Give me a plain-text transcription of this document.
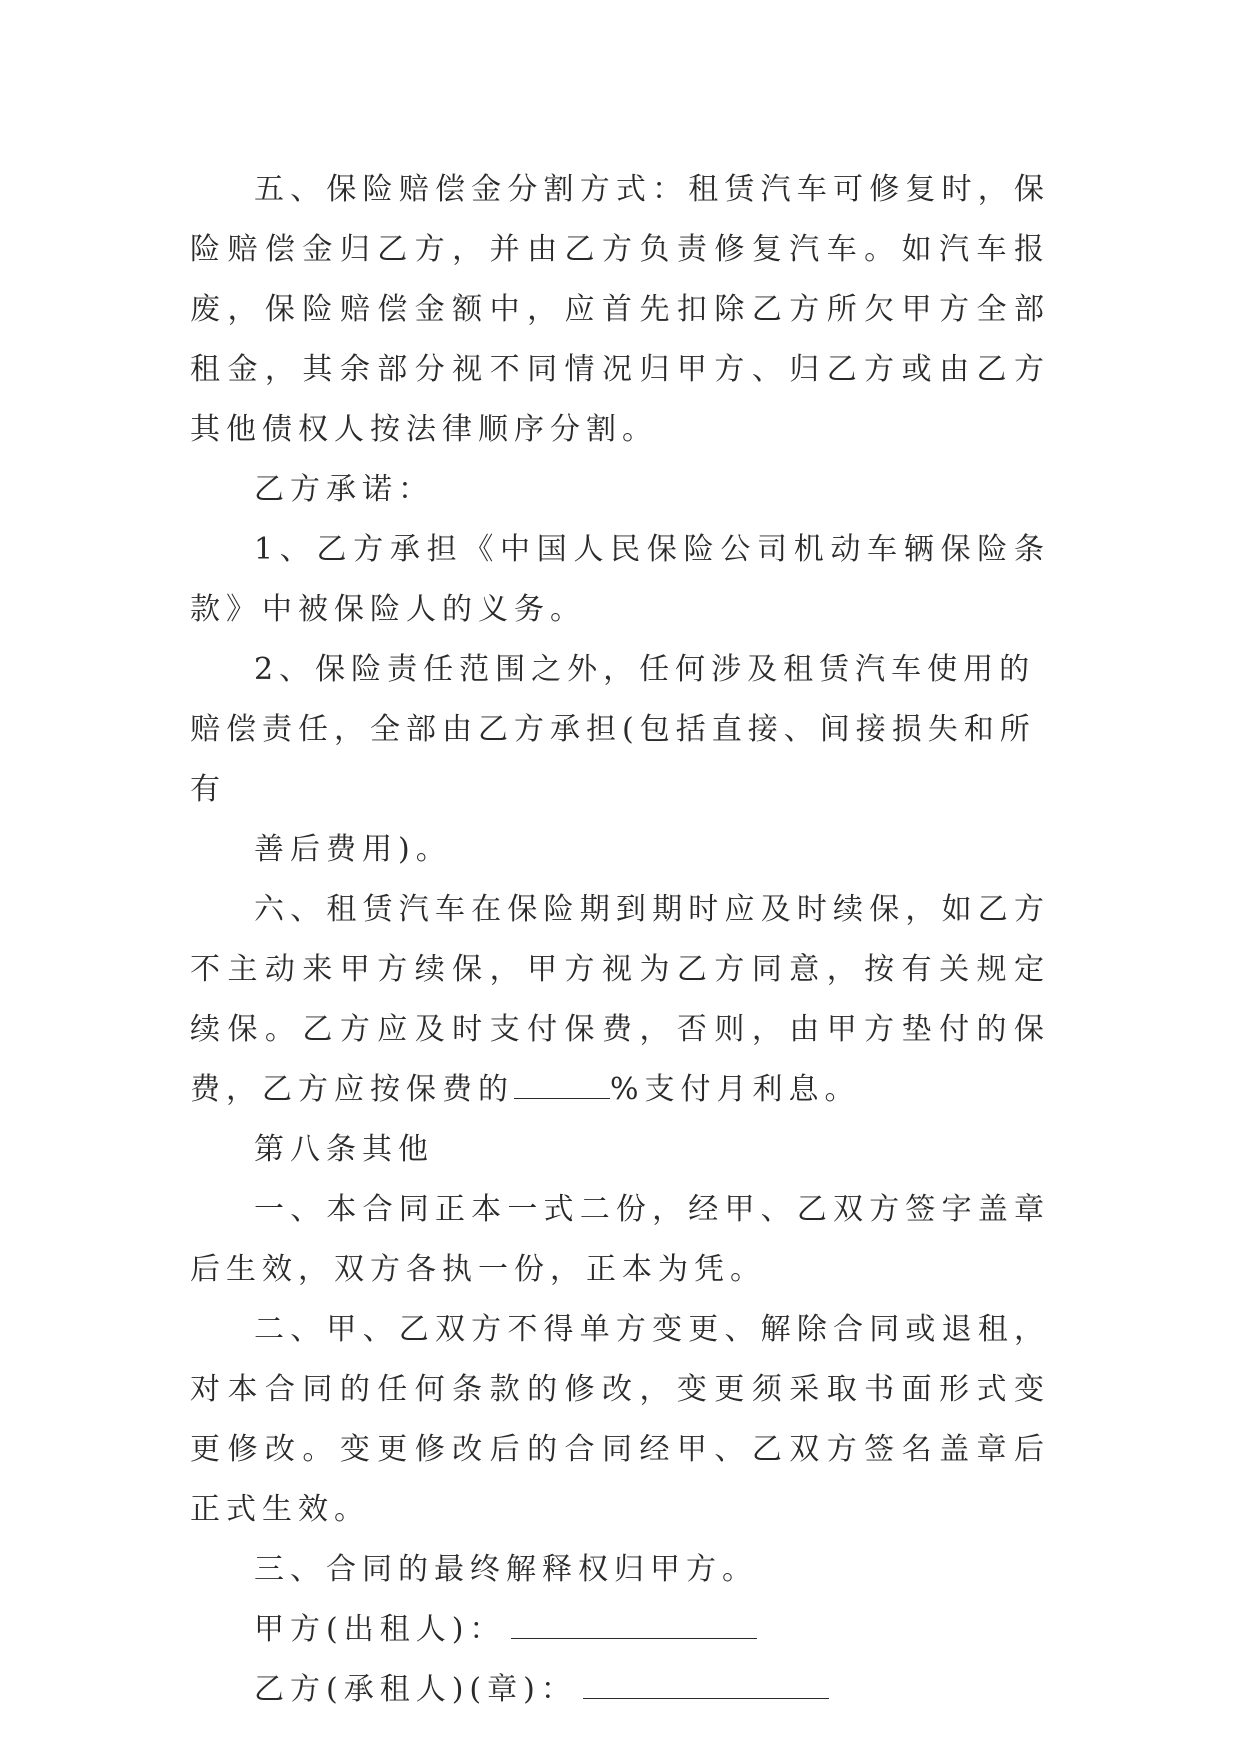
五、保险赔偿金分割方式：租赁汽车可修复时，保险赔偿金归乙方，并由乙方负责修复汽车。如汽车报废，保险赔偿金额中，应首先扣除乙方所欠甲方全部租金，其余部分视不同情况归甲方、归乙方或由乙方其他债权人按法律顺序分割。

乙方承诺：

1、乙方承担《中国人民保险公司机动车辆保险条款》中被保险人的义务。

2、保险责任范围之外，任何涉及租赁汽车使用的赔偿责任，全部由乙方承担(包括直接、间接损失和所有

善后费用)。

六、租赁汽车在保险期到期时应及时续保，如乙方不主动来甲方续保，甲方视为乙方同意，按有关规定续保。乙方应及时支付保费，否则，由甲方垫付的保费，乙方应按保费的	%支付月利息。

第八条其他

一、本合同正本一式二份，经甲、乙双方签字盖章后生效，双方各执一份，正本为凭。

二、甲、乙双方不得单方变更、解除合同或退租，对本合同的任何条款的修改，变更须采取书面形式变更修改。变更修改后的合同经甲、乙双方签名盖章后正式生效。

三、合同的最终解释权归甲方。

甲方(出租人)：

乙方(承租人)(章)：
